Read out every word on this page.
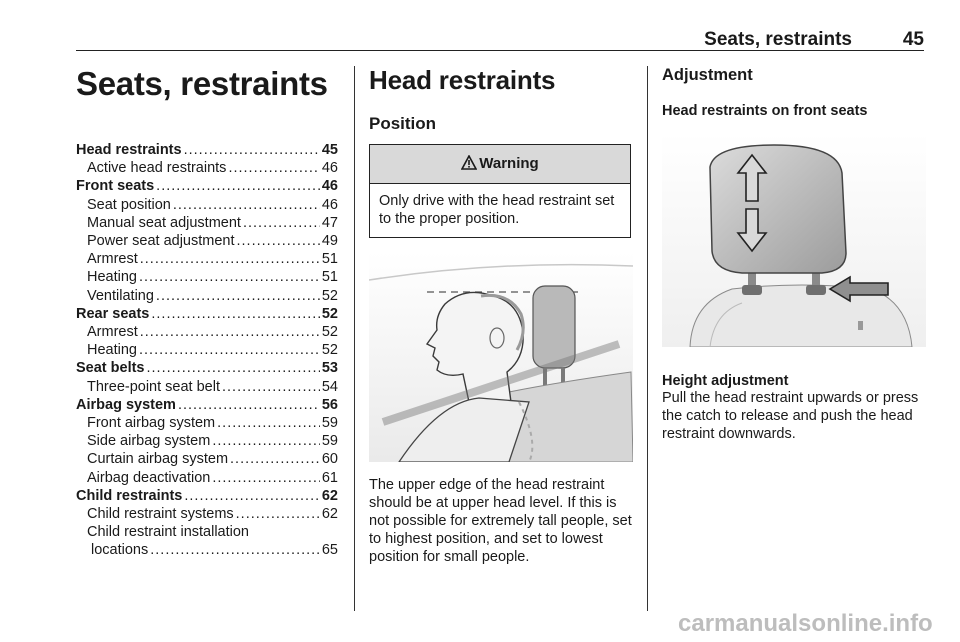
Seats, restraints	45
Seats, restraints
Head restraints .....	45
Active head restraints .....	46
Front seats .....	46
Seat position .....	46
Manual seat adjustment .....	47
Power seat adjustment .....	49
Armrest .....	51
Heating .....	51
Ventilating .....	52
Rear seats .....	52
Armrest .....	52
Heating .....	52
Seat belts .....	53
Three-point seat belt .....	54
Airbag system .....	56
Front airbag system .....	59
Side airbag system .....	59
Curtain airbag system .....	60
Airbag deactivation .....	61
Child restraints .....	62
Child restraint systems .....	62
Child restraint installation
locations .....	65
Head restraints
Position
Warning
Only drive with the head restraint set to the proper position.
The upper edge of the head restraint should be at upper head level. If this is not possible for extremely tall people, set to highest position, and set to lowest position for small people.
Adjustment
Head restraints on front seats
Height adjustment
Pull the head restraint upwards or press the catch to release and push the head restraint downwards.
carmanualsonline.info
